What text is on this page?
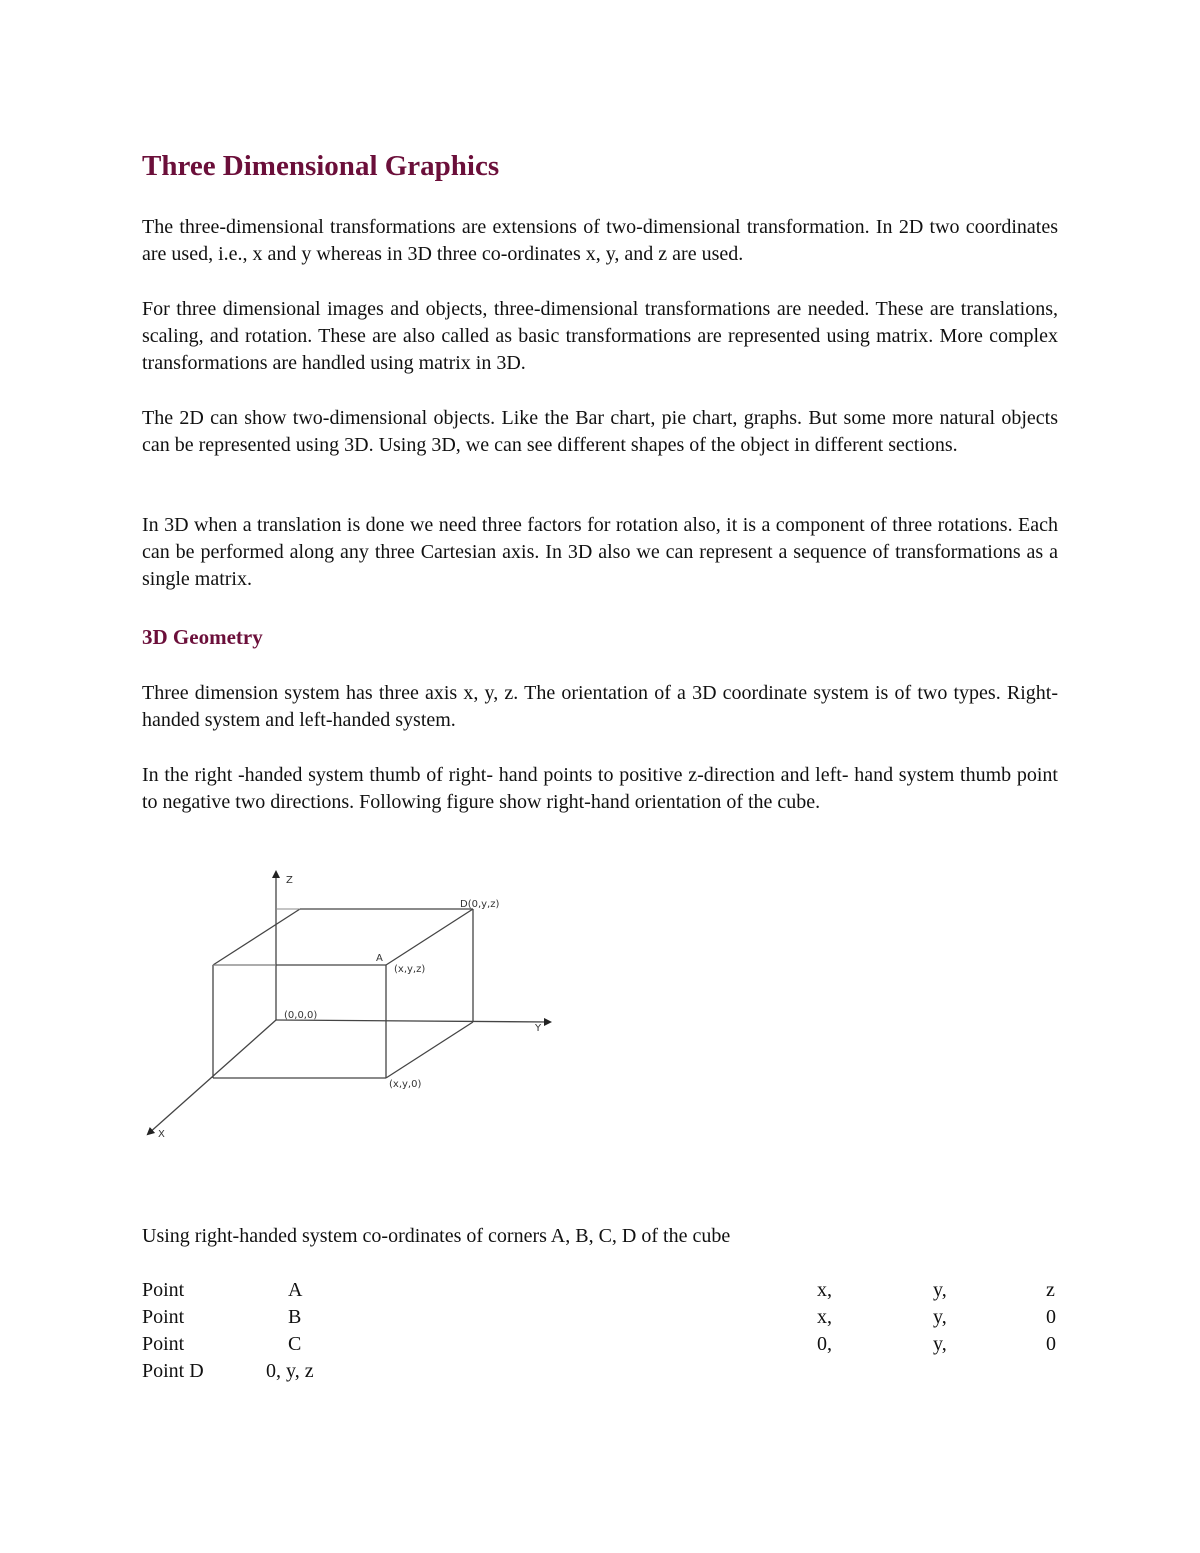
Three Dimensional Graphics

The three-dimensional transformations are extensions of two-dimensional transformation. In 2D two coordinates are used, i.e., x and y whereas in 3D three co-ordinates x, y, and z are used.

For three dimensional images and objects, three-dimensional transformations are needed. These are translations, scaling, and rotation. These are also called as basic transformations are represented using matrix. More complex transformations are handled using matrix in 3D.

The 2D can show two-dimensional objects. Like the Bar chart, pie chart, graphs. But some more natural objects can be represented using 3D. Using 3D, we can see different shapes of the object in different sections.

In 3D when a translation is done we need three factors for rotation also, it is a component of three rotations. Each can be performed along any three Cartesian axis. In 3D also we can represent a sequence of transformations as a single matrix.

3D Geometry

Three dimension system has three axis x, y, z. The orientation of a 3D coordinate system is of two types. Right-handed system and left-handed system.

In the right -handed system thumb of right- hand points to positive z-direction and left- hand system thumb point to negative two directions. Following figure show right-hand orientation of the cube.

Z
Y
X
D(0,y,z)
A
(x,y,z)
(0,0,0)
(x,y,0)

Using right-handed system co-ordinates of corners A, B, C, D of the cube

Point	A	x,	y,	z
Point	B	x,	y,	0
Point	C	0,	y,	0
Point D	0, y, z
